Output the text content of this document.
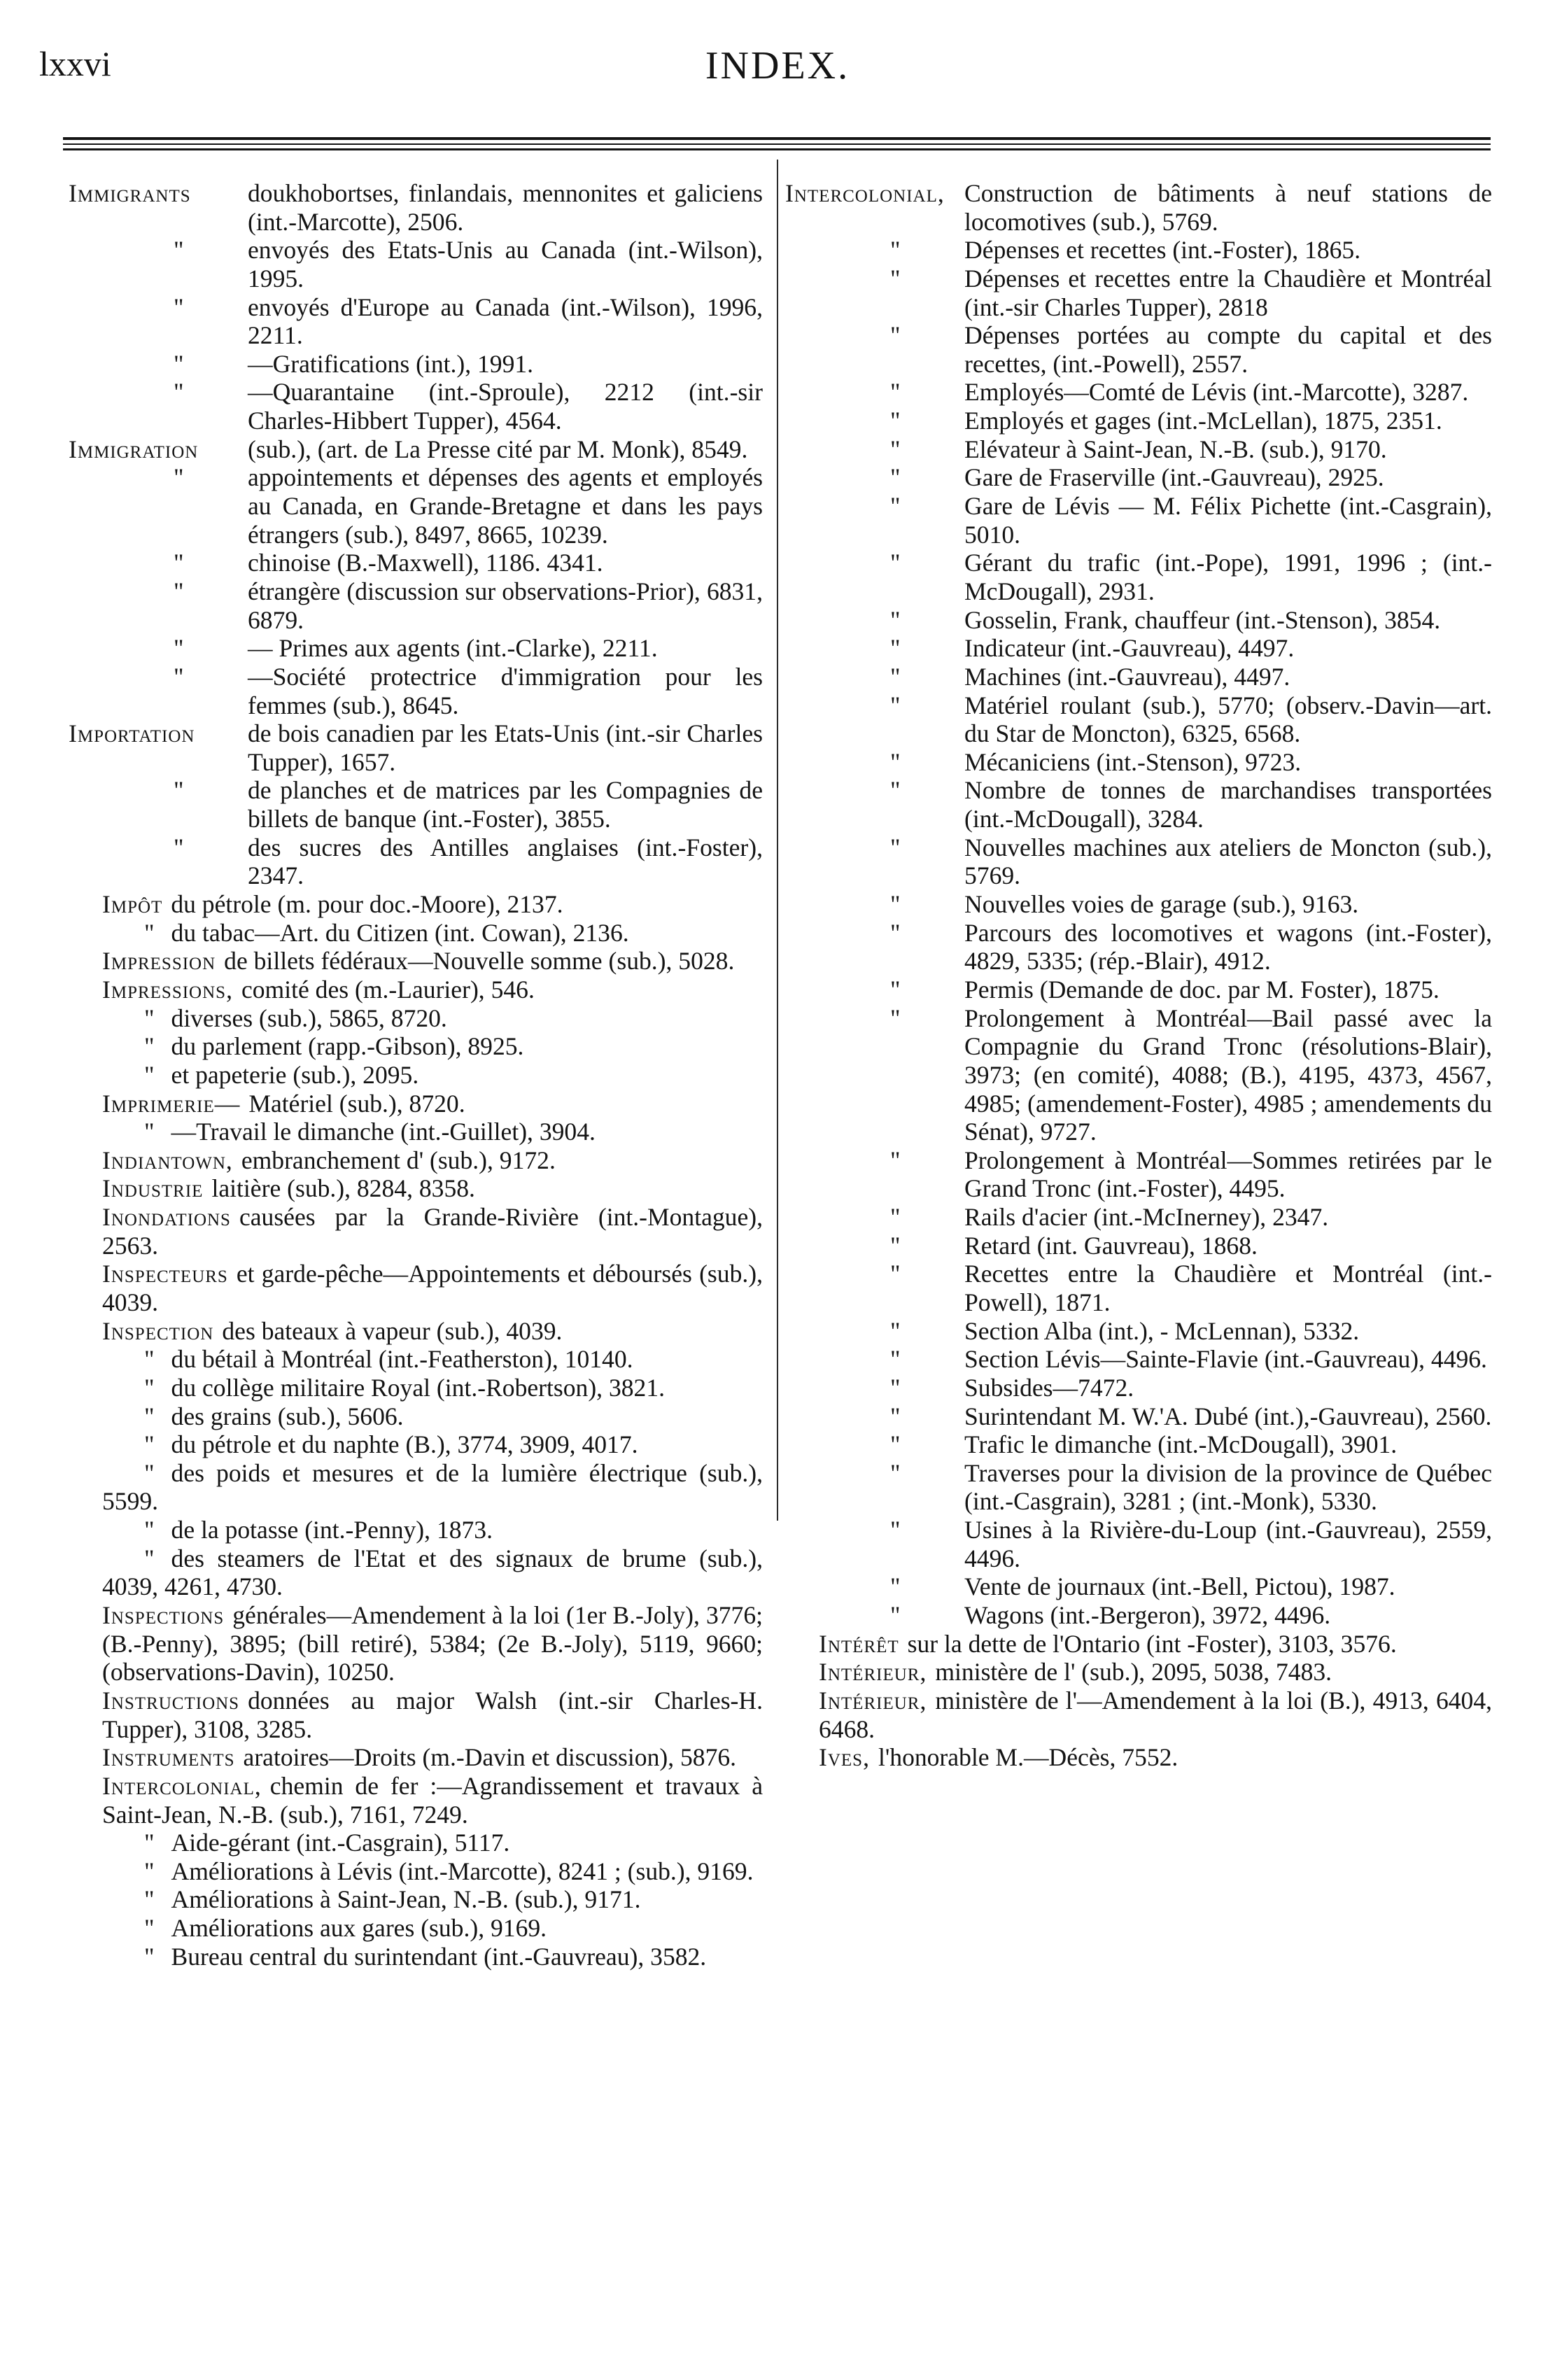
lxxvi	INDEX.
Immigrants doukhobortses, finlandais, mennonites et galiciens (int.-Marcotte), 2506.
"	envoyés des Etats-Unis au Canada (int.-Wilson), 1995.
"	envoyés d'Europe au Canada (int.-Wilson), 1996, 2211.
"	—Gratifications (int.), 1991.
"	—Quarantaine (int.-Sproule), 2212 (int.-sir Charles-Hibbert Tupper), 4564.
Immigration (sub.), (art. de La Presse cité par M. Monk), 8549.
"	appointements et dépenses des agents et employés au Canada, en Grande-Bretagne et dans les pays étrangers (sub.), 8497, 8665, 10239.
"	chinoise (B.-Maxwell), 1186. 4341.
"	étrangère (discussion sur observations-Prior), 6831, 6879.
"	— Primes aux agents (int.-Clarke), 2211.
"	—Société protectrice d'immigration pour les femmes (sub.), 8645.
Importation de bois canadien par les Etats-Unis (int.-sir Charles Tupper), 1657.
"	de planches et de matrices par les Compagnies de billets de banque (int.-Foster), 3855.
"	des sucres des Antilles anglaises (int.-Foster), 2347.
Impôt du pétrole (m. pour doc.-Moore), 2137.
" du tabac—Art. du Citizen (int. Cowan), 2136.
Impression de billets fédéraux—Nouvelle somme (sub.), 5028.
Impressions, comité des (m.-Laurier), 546.
" diverses (sub.), 5865, 8720.
" du parlement (rapp.-Gibson), 8925.
" et papeterie (sub.), 2095.
Imprimerie— Matériel (sub.), 8720.
" —Travail le dimanche (int.-Guillet), 3904.
Indiantown, embranchement d' (sub.), 9172.
Industrie laitière (sub.), 8284, 8358.
Inondations causées par la Grande-Rivière (int.-Montague), 2563.
Inspecteurs et garde-pêche—Appointements et déboursés (sub.), 4039.
Inspection des bateaux à vapeur (sub.), 4039.
" du bétail à Montréal (int.-Featherston), 10140.
" du collège militaire Royal (int.-Robertson), 3821.
" des grains (sub.), 5606.
" du pétrole et du naphte (B.), 3774, 3909, 4017.
" des poids et mesures et de la lumière électrique (sub.), 5599.
" de la potasse (int.-Penny), 1873.
" des steamers de l'Etat et des signaux de brume (sub.), 4039, 4261, 4730.
Inspections générales—Amendement à la loi (1er B.-Joly), 3776; (B.-Penny), 3895; (bill retiré), 5384; (2e B.-Joly), 5119, 9660; (observations-Davin), 10250.
Instructions données au major Walsh (int.-sir Charles-H. Tupper), 3108, 3285.
Instruments aratoires—Droits (m.-Davin et discussion), 5876.
Intercolonial, chemin de fer :—Agrandissement et travaux à Saint-Jean, N.-B. (sub.), 7161, 7249.
" Aide-gérant (int.-Casgrain), 5117.
" Améliorations à Lévis (int.-Marcotte), 8241 ; (sub.), 9169.
" Améliorations à Saint-Jean, N.-B. (sub.), 9171.
" Améliorations aux gares (sub.), 9169.
" Bureau central du surintendant (int.-Gauvreau), 3582.
Intercolonial, Construction de bâtiments à neuf stations de locomotives (sub.), 5769.
"	Dépenses et recettes (int.-Foster), 1865.
"	Dépenses et recettes entre la Chaudière et Montréal (int.-sir Charles Tupper), 2818
"	Dépenses portées au compte du capital et des recettes, (int.-Powell), 2557.
"	Employés—Comté de Lévis (int.-Marcotte), 3287.
"	Employés et gages (int.-McLellan), 1875, 2351.
"	Elévateur à Saint-Jean, N.-B. (sub.), 9170.
"	Gare de Fraserville (int.-Gauvreau), 2925.
"	Gare de Lévis — M. Félix Pichette (int.-Casgrain), 5010.
"	Gérant du trafic (int.-Pope), 1991, 1996 ; (int.-McDougall), 2931.
"	Gosselin, Frank, chauffeur (int.-Stenson), 3854.
"	Indicateur (int.-Gauvreau), 4497.
"	Machines (int.-Gauvreau), 4497.
"	Matériel roulant (sub.), 5770; (observ.-Davin—art. du Star de Moncton), 6325, 6568.
"	Mécaniciens (int.-Stenson), 9723.
"	Nombre de tonnes de marchandises transportées (int.-McDougall), 3284.
"	Nouvelles machines aux ateliers de Moncton (sub.), 5769.
"	Nouvelles voies de garage (sub.), 9163.
"	Parcours des locomotives et wagons (int.-Foster), 4829, 5335; (rép.-Blair), 4912.
"	Permis (Demande de doc. par M. Foster), 1875.
"	Prolongement à Montréal—Bail passé avec la Compagnie du Grand Tronc (résolutions-Blair), 3973; (en comité), 4088; (B.), 4195, 4373, 4567, 4985; (amendement-Foster), 4985 ; amendements du Sénat), 9727.
"	Prolongement à Montréal—Sommes retirées par le Grand Tronc (int.-Foster), 4495.
"	Rails d'acier (int.-McInerney), 2347.
"	Retard (int. Gauvreau), 1868.
"	Recettes entre la Chaudière et Montréal (int.-Powell), 1871.
"	Section Alba (int.), - McLennan), 5332.
"	Section Lévis—Sainte-Flavie (int.-Gauvreau), 4496.
"	Subsides—7472.
"	Surintendant M. W.'A. Dubé (int.),-Gauvreau), 2560.
"	Trafic le dimanche (int.-McDougall), 3901.
"	Traverses pour la division de la province de Québec (int.-Casgrain), 3281 ; (int.-Monk), 5330.
"	Usines à la Rivière-du-Loup (int.-Gauvreau), 2559, 4496.
"	Vente de journaux (int.-Bell, Pictou), 1987.
"	Wagons (int.-Bergeron), 3972, 4496.
Intérêt sur la dette de l'Ontario (int -Foster), 3103, 3576.
Intérieur, ministère de l' (sub.), 2095, 5038, 7483.
Intérieur, ministère de l'—Amendement à la loi (B.), 4913, 6404, 6468.
Ives, l'honorable M.—Décès, 7552.
